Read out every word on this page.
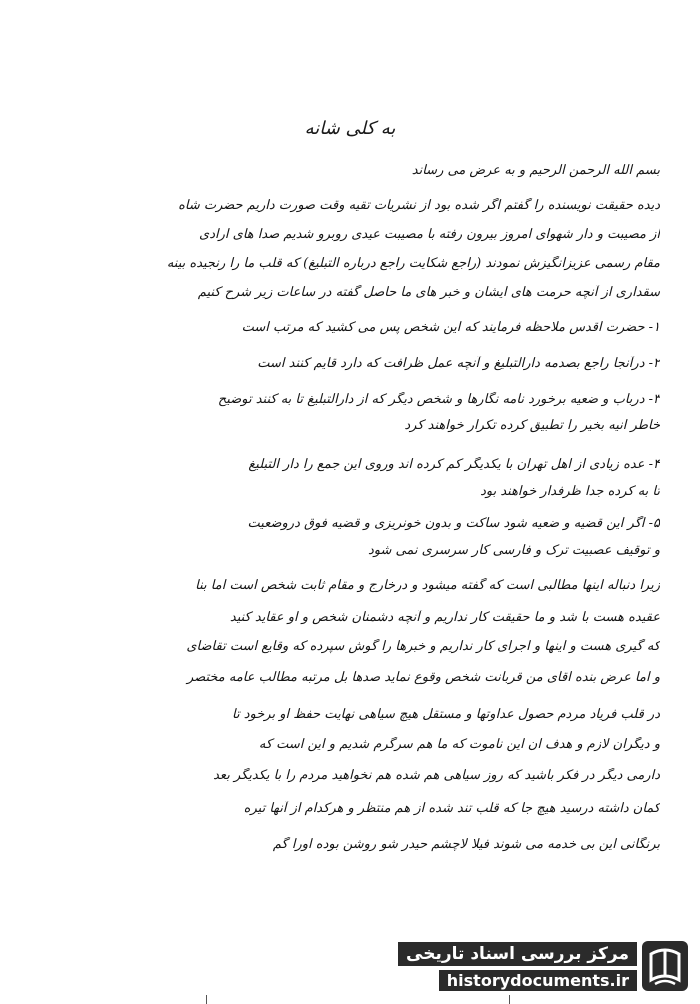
به کلی شانه
بسم الله الرحمن الرحیم و به عرض می رساند
دیده حقیقت نویسنده را گفتم اگر شده بود از نشریات تقیه وقت صورت داریم حضرت شاه
از مصیبت و دار شهوای امروز بیرون رفته با مصیبت عیدی روبرو شدیم صدا های ارادی
مقام رسمی عزیزانگیزش نمودند (راجع شکایت راجع درباره التبلیغ) که قلب ما را رنجیده بینه
سقداری از آنچه حرمت های ایشان و خبر های ما حاصل گفته در ساعات زیر شرح کنیم
۱- حضرت اقدس ملاحظه فرمایند که این شخص پس می کشید که مرتب است
۲- درآنجا راجع بصدمه دارالتبلیغ و آنچه عمل ظرافت که دارد قایم کنند است
۳- درباب و ضعیه برخورد نامه نگارها و شخص دیگر که از دارالتبلیغ تا به کنند توضیح
خاطر انیه بخیر را تطبیق کرده تکرار خواهند کرد
۴- عده زیادی از اهل تهران با یکدیگر کم کرده اند وروی این جمع را دار التبلیغ
تا به کرده جدا ظرفدار خواهند بود
۵- اگر این قضیه و ضعیه شود ساکت و بدون خونریزی و قضیه فوق دروضعیت
و توقیف عصبیت ترک و فارسی کار سرسری نمی شود
زیرا دنباله اینها مطالبی است که گفته میشود و درخارج و مقام ثابت شخص است اما بنا
عقیده هست با شد و ما حقیقت کار نداریم و آنچه دشمنان شخص و او عقاید کنید
که گیری هست و اینها و اجرای کار نداریم و خبرها را گوش سپرده که وقایع است تقاضای
و اما عرض بنده اقای من قربانت شخص وقوع نماید صدها بل مرتبه مطالب عامه مختصر
در قلب فریاد مردم حصول عداوتها و مستقل هیچ سیاهی نهایت حفظ او برخود تا
و دیگران لازم و هدف ان این ناموت که ما هم سرگرم شدیم و این است که
دارمی دیگر در فکر باشید که روز سیاهی هم شده هم نخواهید مردم را با یکدیگر بعد
کمان داشته درسید هیچ جا که قلب تند شده از هم منتظر و هرکدام از آنها تیره
برنگانی این بی خدمه می شوند فیلا لاچشم حیدر شو روشن بوده اورا گم
مرکز بررسی اسناد تاریخی
historydocuments.ir
